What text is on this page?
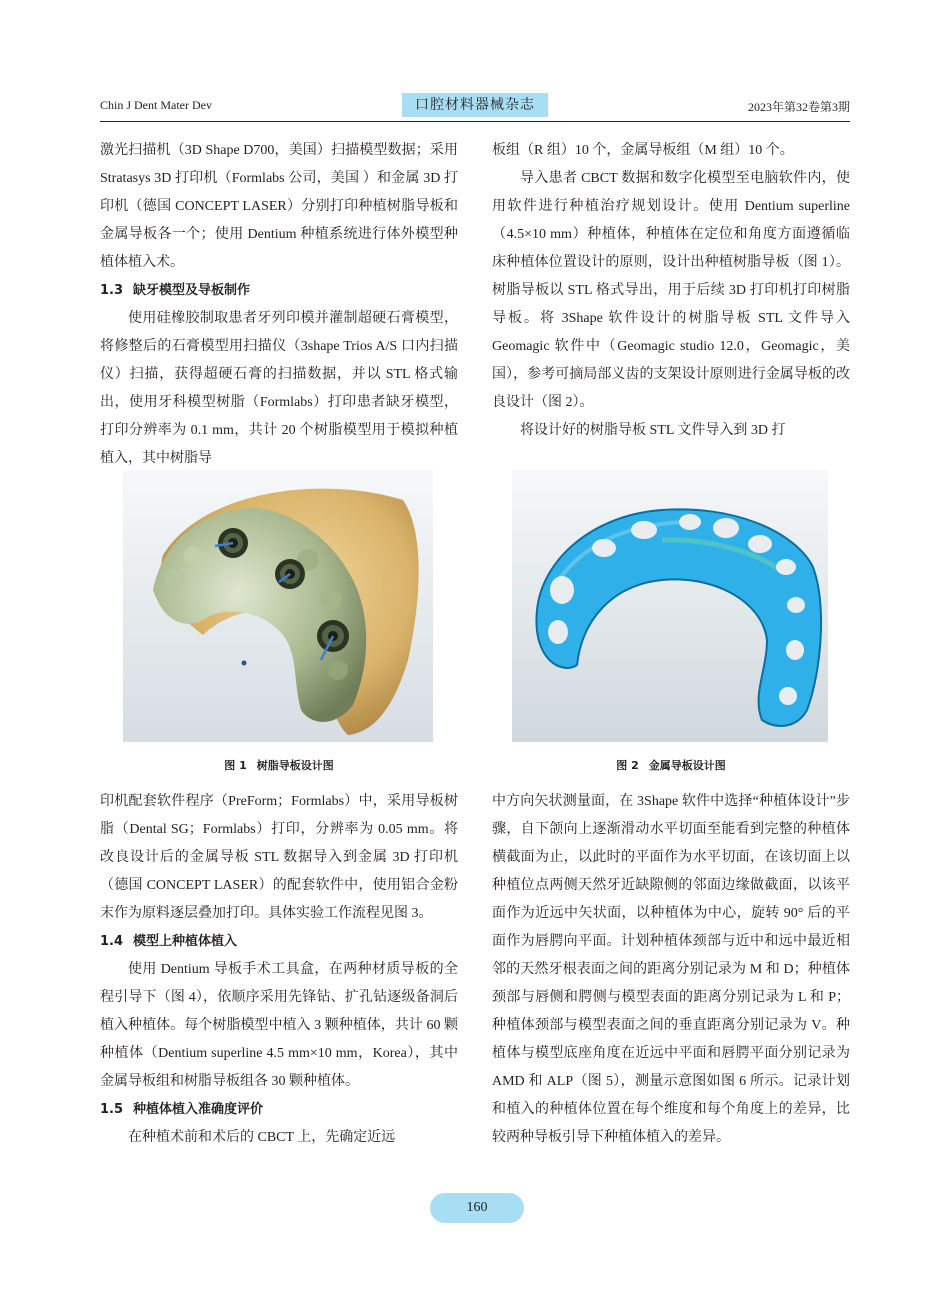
Chin J Dent Mater Dev	口腔材料器械杂志	2023年第32卷第3期

激光扫描机（3D Shape D700，美国）扫描模型数据；采用 Stratasys 3D 打印机（Formlabs 公司，美国 ）和金属 3D 打印机（德国 CONCEPT LASER）分别打印种植树脂导板和金属导板各一个；使用 Dentium 种植系统进行体外模型种植体植入术。

1.3 缺牙模型及导板制作

使用硅橡胶制取患者牙列印模并灌制超硬石膏模型，将修整后的石膏模型用扫描仪（3shape Trios A/S 口内扫描仪）扫描，获得超硬石膏的扫描数据，并以 STL 格式输出，使用牙科模型树脂（Formlabs）打印患者缺牙模型，打印分辨率为 0.1 mm，共计 20 个树脂模型用于模拟种植植入，其中树脂导

板组（R 组）10 个，金属导板组（M 组）10 个。

导入患者 CBCT 数据和数字化模型至电脑软件内，使用软件进行种植治疗规划设计。使用 Dentium superline（4.5×10 mm）种植体，种植体在定位和角度方面遵循临床种植体位置设计的原则，设计出种植树脂导板（图 1）。树脂导板以 STL 格式导出，用于后续 3D 打印机打印树脂导板。将 3Shape 软件设计的树脂导板 STL 文件导入 Geomagic 软件中（Geomagic studio 12.0，Geomagic，美国），参考可摘局部义齿的支架设计原则进行金属导板的改良设计（图 2）。

将设计好的树脂导板 STL 文件导入到 3D 打

图 1 树脂导板设计图	图 2 金属导板设计图

印机配套软件程序（PreForm；Formlabs）中，采用导板树脂（Dental SG；Formlabs）打印，分辨率为 0.05 mm。将改良设计后的金属导板 STL 数据导入到金属 3D 打印机（德国 CONCEPT LASER）的配套软件中，使用铝合金粉末作为原料逐层叠加打印。具体实验工作流程见图 3。

1.4 模型上种植体植入

使用 Dentium 导板手术工具盒，在两种材质导板的全程引导下（图 4），依顺序采用先锋钻、扩孔钻逐级备洞后植入种植体。每个树脂模型中植入 3 颗种植体，共计 60 颗种植体（Dentium superline 4.5 mm×10 mm，Korea），其中金属导板组和树脂导板组各 30 颗种植体。

1.5 种植体植入准确度评价

在种植术前和术后的 CBCT 上，先确定近远

中方向矢状测量面，在 3Shape 软件中选择“种植体设计”步骤，自下颌向上逐渐滑动水平切面至能看到完整的种植体横截面为止，以此时的平面作为水平切面，在该切面上以种植位点两侧天然牙近缺隙侧的邻面边缘做截面，以该平面作为近远中矢状面，以种植体为中心，旋转 90° 后的平面作为唇腭向平面。计划种植体颈部与近中和远中最近相邻的天然牙根表面之间的距离分别记录为 M 和 D；种植体颈部与唇侧和腭侧与模型表面的距离分别记录为 L 和 P；种植体颈部与模型表面之间的垂直距离分别记录为 V。种植体与模型底座角度在近远中平面和唇腭平面分别记录为 AMD 和 ALP（图 5），测量示意图如图 6 所示。记录计划和植入的种植体位置在每个维度和每个角度上的差异，比较两种导板引导下种植体植入的差异。

160
